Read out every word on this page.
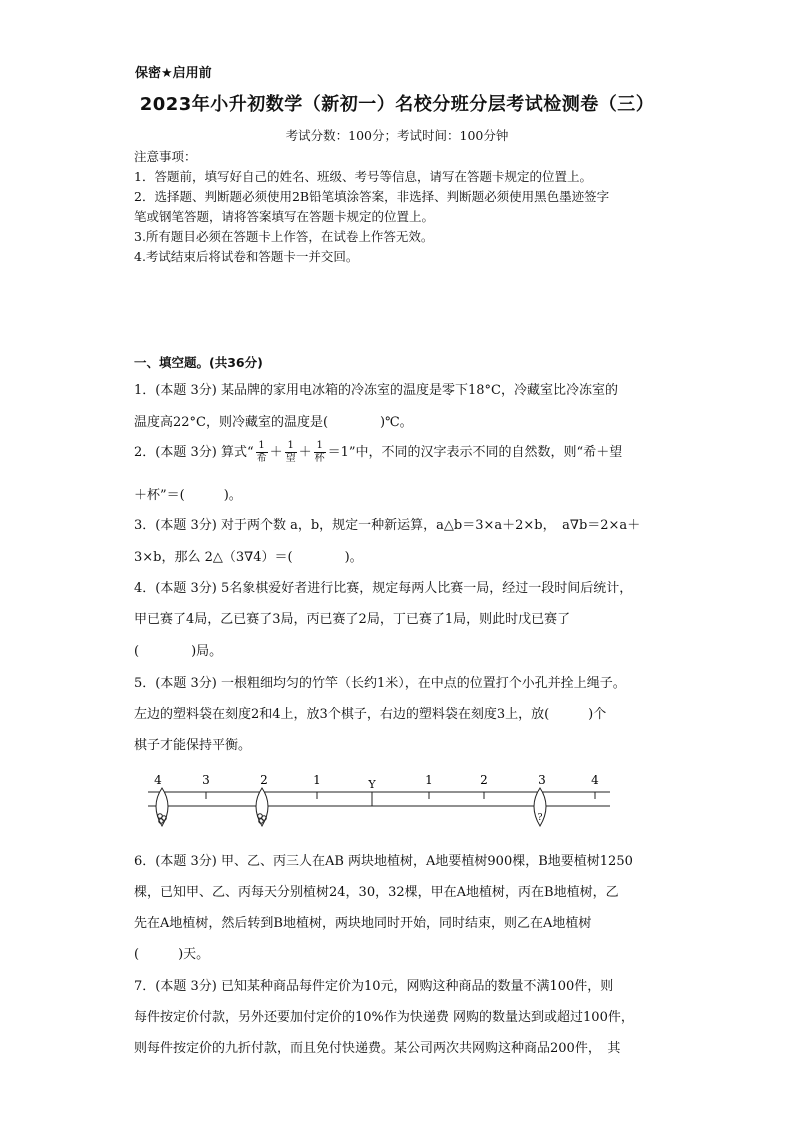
保密★启用前
2023年小升初数学（新初一）名校分班分层考试检测卷（三）
考试分数：100分；考试时间：100分钟
注意事项：
1．答题前，填写好自己的姓名、班级、考号等信息，请写在答题卡规定的位置上。
2．选择题、判断题必须使用2B铅笔填涂答案，非选择、判断题必须使用黑色墨迹签字
笔或钢笔答题，请将答案填写在答题卡规定的位置上。
3.所有题目必须在答题卡上作答，在试卷上作答无效。
4.考试结束后将试卷和答题卡一并交回。
一、填空题。(共36分)
1．(本题 3分) 某品牌的家用电冰箱的冷冻室的温度是零下18°C，冷藏室比冷冻室的
温度高22°C，则冷藏室的温度是(　　　　)℃。
2．(本题 3分) 算式“ $\frac{1}{\text{希}} + \frac{1}{\text{望}} + \frac{1}{\text{杯}} =1$”中，不同的汉字表示不同的自然数，则“希＋望
＋杯”＝(　　　)。
3．(本题 3分) 对于两个数 a，b，规定一种新运算，a△b＝3×a＋2×b，　a∇b＝2×a＋
3×b，那么 2△（3∇4）＝(　　　　)。
4．(本题 3分) 5名象棋爱好者进行比赛，规定每两人比赛一局，经过一段时间后统计，
甲已赛了4局，乙已赛了3局，丙已赛了2局，丁已赛了1局，则此时戊已赛了
(　　　　)局。
5．(本题 3分) 一根粗细均匀的竹竿（长约1米），在中点的位置打个小孔并拴上绳子。
左边的塑料袋在刻度2和4上，放3个棋子，右边的塑料袋在刻度3上，放(　　　)个
棋子才能保持平衡。
4	3	2	1	Y	1	2	3	4
?
6．(本题 3分) 甲、乙、丙三人在AB 两块地植树，A地要植树900棵，B地要植树1250
棵，已知甲、乙、丙每天分别植树24，30，32棵，甲在A地植树，丙在B地植树，乙
先在A地植树，然后转到B地植树，两块地同时开始，同时结束，则乙在A地植树
(　　　)天。
7．(本题 3分) 已知某种商品每件定价为10元，网购这种商品的数量不满100件，则
每件按定价付款，另外还要加付定价的10%作为快递费 网购的数量达到或超过100件，
则每件按定价的九折付款，而且免付快递费。某公司两次共网购这种商品200件，　其
